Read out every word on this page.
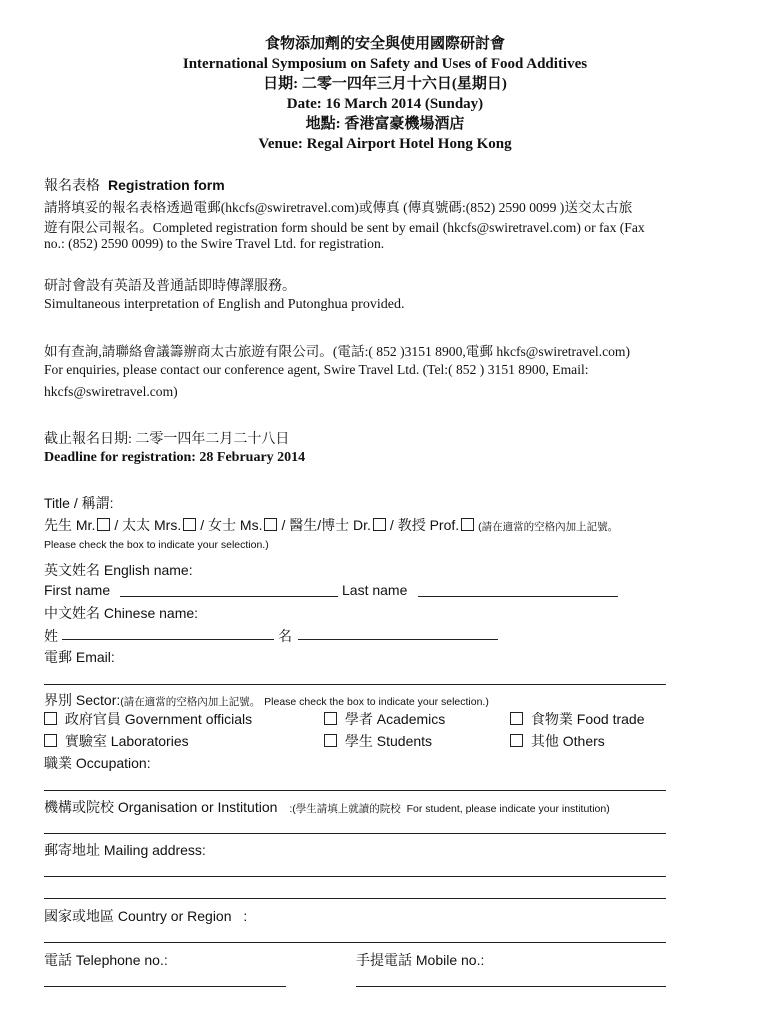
食物添加劑的安全與使用國際研討會
International Symposium on Safety and Uses of Food Additives
日期: 二零一四年三月十六日(星期日)
Date: 16 March 2014 (Sunday)
地點: 香港富豪機場酒店
Venue: Regal Airport Hotel Hong Kong
報名表格 Registration form
請將填妥的報名表格透過電郵(hkcfs@swiretravel.com)或傳真 (傳真號碼:(852) 2590 0099 )送交太古旅
遊有限公司報名。Completed registration form should be sent by email (hkcfs@swiretravel.com) or fax (Fax
no.: (852) 2590 0099) to the Swire Travel Ltd. for registration.
研討會設有英語及普通話即時傳譯服務。
Simultaneous interpretation of English and Putonghua provided.
如有查詢,請聯絡會議籌辦商太古旅遊有限公司。(電話:( 852 )3151 8900,電郵 hkcfs@swiretravel.com)
For enquiries, please contact our conference agent, Swire Travel Ltd. (Tel:( 852 ) 3151 8900, Email:
hkcfs@swiretravel.com)
截止報名日期: 二零一四年二月二十八日
Deadline for registration: 28 February 2014
Title / 稱謂:
先生 Mr. / 太太 Mrs. / 女士 Ms. / 醫生/博士 Dr. / 教授 Prof. (請在適當的空格內加上記號。
Please check the box to indicate your selection.)
英文姓名 English name:
First name	Last name
中文姓名 Chinese name:
姓	名
電郵 Email:
界別 Sector:(請在適當的空格內加上記號。 Please check the box to indicate your selection.)
政府官員 Government officials	學者 Academics	食物業 Food trade
實驗室 Laboratories	學生 Students	其他 Others
職業 Occupation:
機構或院校 Organisation or Institution :(學生請填上就讀的院校 For student, please indicate your institution)
郵寄地址 Mailing address:
國家或地區 Country or Region :
電話 Telephone no.:	手提電話 Mobile no.:
